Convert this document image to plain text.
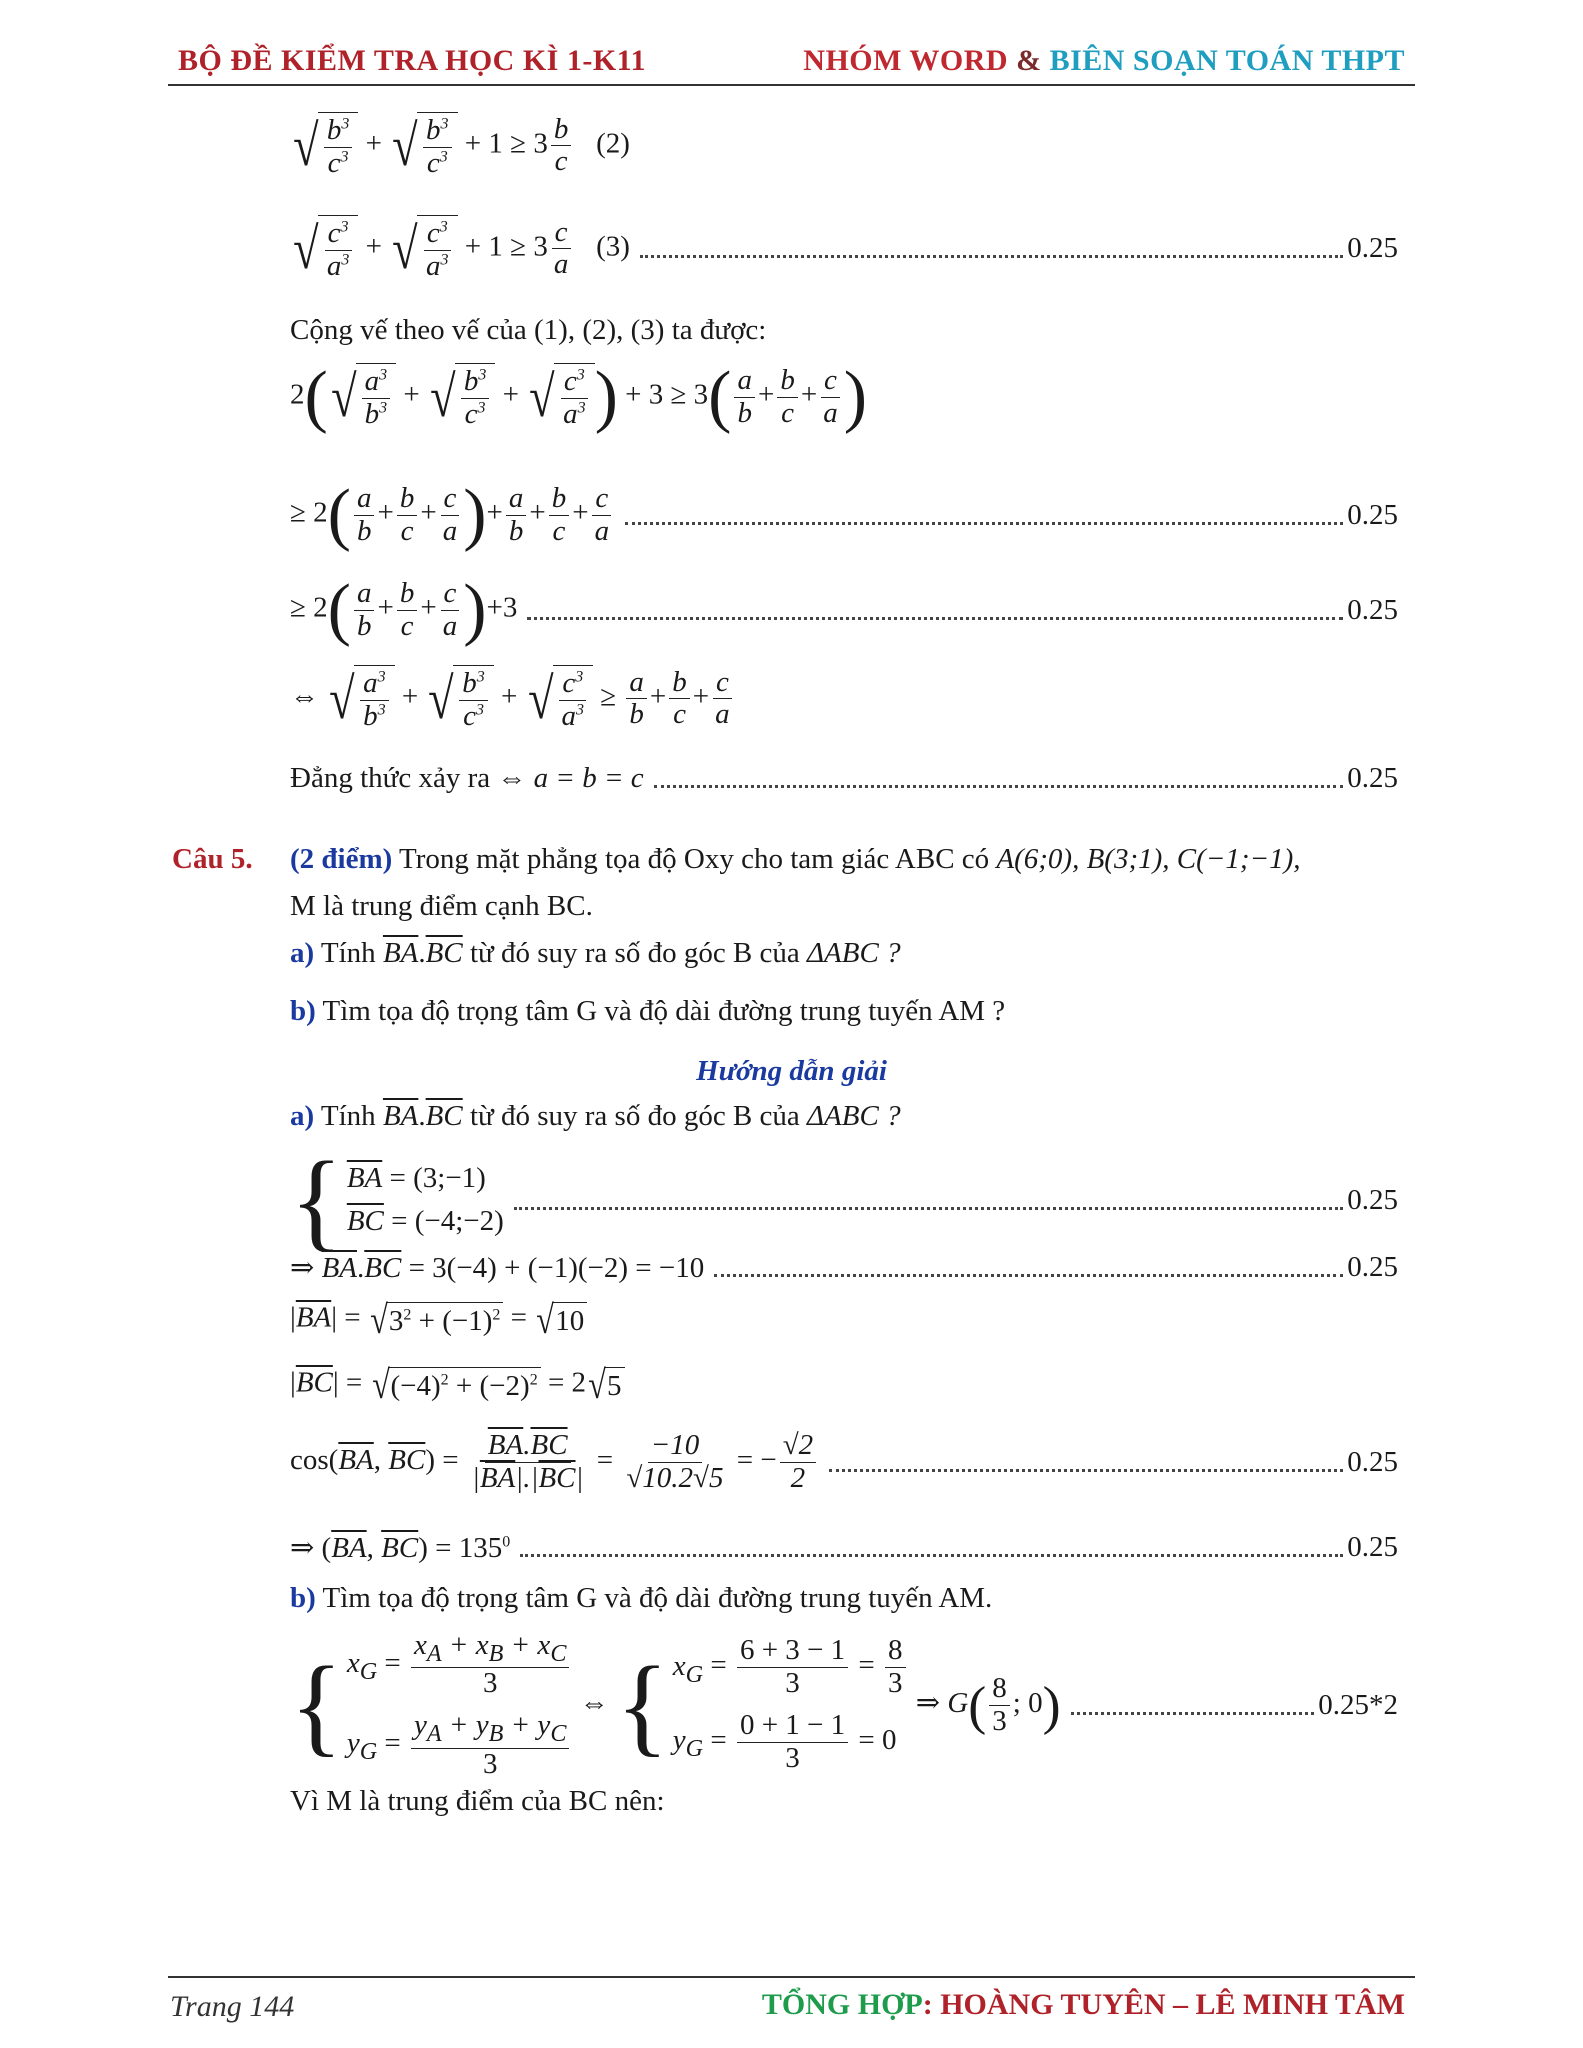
BỘ ĐỀ KIỂM TRA HỌC KÌ 1-K11	NHÓM WORD & BIÊN SOẠN TOÁN THPT
√ $\frac{b^3}{c^3}$ + √ $\frac{b^3}{c^3} + 1 \ge 3 \frac{b}{c} (2)$
√ $\frac{c^3}{a^3}$ + √ $\frac{c^3}{a^3} + 1 \ge 3 \frac{c}{a} (3)$	0.25
Cộng vế theo vế của (1), (2), (3) ta được:
2( √ $\frac{a^3}{b^3}$ + √ $\frac{b^3}{c^3}$ + √ $\frac{c^3}{a^3}$ ) + $3 \ge 3( \frac{a}{b} + \frac{b}{c} + \frac{c}{a}$ )
≥ $2( \frac{a}{b} + \frac{b}{c} + \frac{c}{a}$ )+ $\frac{a}{b} + \frac{b}{c} + \frac{c}{a}$	0.25
≥ $2( \frac{a}{b} + \frac{b}{c} + \frac{c}{a} )+3$	0.25
⇔ √ $\frac{a^3}{b^3}$ + √ $\frac{b^3}{c^3}$ + √ $\frac{c^3}{a^3} \ge \frac{a}{b} + \frac{b}{c} + \frac{c}{a}$
Đẳng thức xảy ra ⇔ a = b = c	0.25
Câu 5. (2 điểm) Trong mặt phẳng tọa độ Oxy cho tam giác ABC có A(6;0), B(3;1), C(−1;−1),
M là trung điểm cạnh BC.
a) Tính $\overline{BA}.\overline{BC}$ từ đó suy ra số đo góc B của ΔABC ?
b) Tìm tọa độ trọng tâm G và độ dài đường trung tuyến AM ?
Hướng dẫn giải
a) Tính $\overline{BA}.\overline{BC}$ từ đó suy ra số đo góc B của ΔABC ?
{ $\overline{BA}$ = (3;−1)
$\overline{BC}$ = (−4;−2)
0.25
⇒ $\overline{BA}.\overline{BC} = 3(-4) + (-1)(-2) = -10$	0.25
$|\overline{BA}|$ = √ $3^2 + (-1)^2$ = √ 10
$|\overline{BC}|$ = √ $(-4)^2 + (-2)^2 = 2$ √ 5
$\cos(\overline{BA}$, $\overline{BC}) = \frac{\overline{BA}.\overline{BC}}{|\overline{BA}|.|\overline{BC}|} = \frac{-10}{√10.2√5}$ = − $\frac{√2}{2}$	0.25
⇒ ($\overline{BA}$, $\overline{BC}) = 135^0$	0.25
b) Tìm tọa độ trọng tâm G và độ dài đường trung tuyến AM.
{ $x_G = \frac{x_A + x_B + x_C}{3}$
$y_G = \frac{y_A + y_B + y_C}{3}$
⇔ { $x_G = \frac{6 + 3 - 1}{3} = \frac{8}{3}$
$y_G = \frac{0 + 1 - 1}{3} = 0$
⇒ $G( \frac{8}{3}$ ; 0)	0.25*2
Vì M là trung điểm của BC nên:
Trang 144	TỔNG HỢP: HOÀNG TUYÊN – LÊ MINH TÂM
